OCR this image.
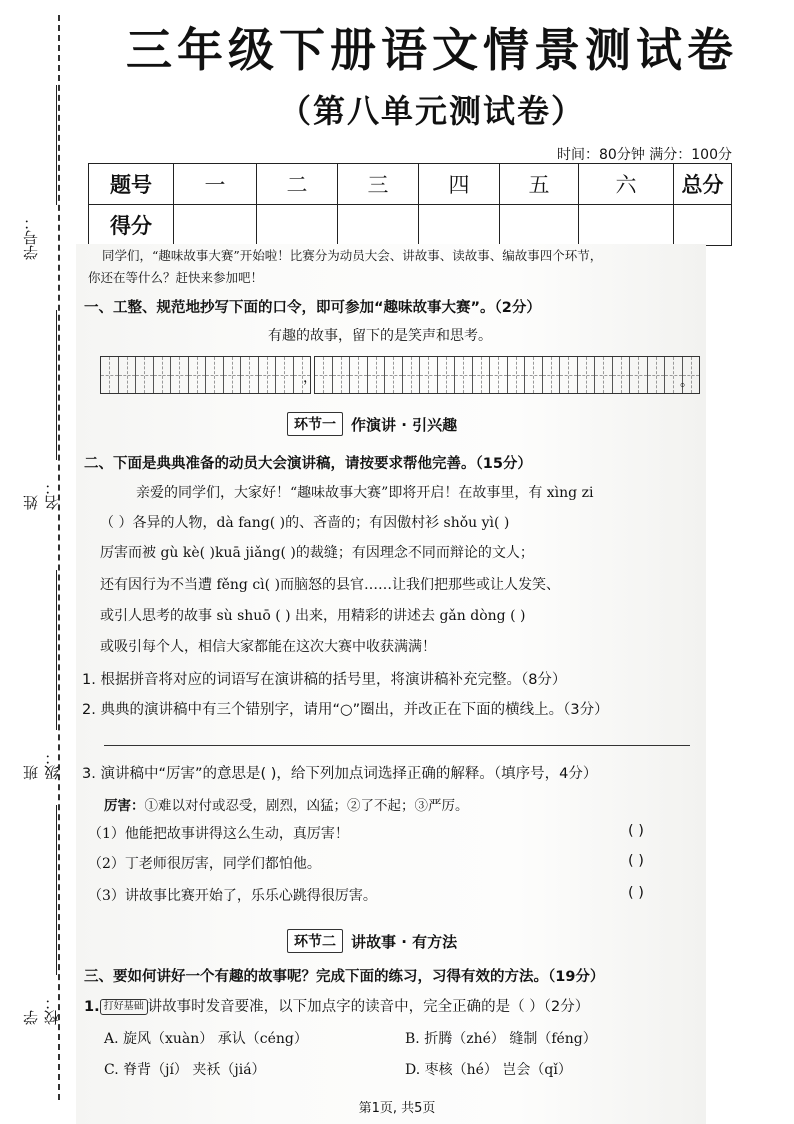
学号：
姓名：
班级：
学校：
三年级下册语文情景测试卷
（第八单元测试卷）
时间：80分钟 满分：100分
题号	一	二	三	四	五	六	总分
得分							
同学们，“趣味故事大赛”开始啦！比赛分为动员大会、讲故事、读故事、编故事四个环节，
你还在等什么？赶快来参加吧！
一、工整、规范地抄写下面的口令，即可参加“趣味故事大赛”。（2分）
有趣的故事，留下的是笑声和思考。
，	。
环节一	作演讲 · 引兴趣
二、下面是典典准备的动员大会演讲稿，请按要求帮他完善。（15分）
亲爱的同学们，大家好！“趣味故事大赛”即将开启！在故事里，有 xìng zi
（ ）各异的人物，dà fang( )的、吝啬的；有因傲村衫 shǒu yì( )
厉害而被 gù kè( )kuā jiǎng( )的裁缝；有因理念不同而辩论的文人；
还有因行为不当遭 fěng cì( )而脑怒的县官……让我们把那些或让人发笑、
或引人思考的故事 sù shuō ( ) 出来，用精彩的讲述去 gǎn dòng ( )
或吸引每个人，相信大家都能在这次大赛中收获满满！
1. 根据拼音将对应的词语写在演讲稿的括号里，将演讲稿补充完整。（8分）
2. 典典的演讲稿中有三个错别字，请用“○”圈出，并改正在下面的横线上。（3分）
3. 演讲稿中“厉害”的意思是( )，给下列加点词选择正确的解释。（填序号，4分）
厉害：①难以对付或忍受，剧烈，凶猛；②了不起；③严厉。
（1）他能把故事讲得这么生动，真厉害！	( )
（2）丁老师很厉害，同学们都怕他。	( )
（3）讲故事比赛开始了，乐乐心跳得很厉害。	( )
环节二	讲故事 · 有方法
三、要如何讲好一个有趣的故事呢？完成下面的练习，习得有效的方法。（19分）
1. 打好基础 讲故事时发音要准，以下加点字的读音中，完全正确的是（ ）（2分）
A. 旋风（xuàn） 承认（céng）	B. 折腾（zhé） 缝制（féng）
C. 脊背（jí） 夹袄（jiá）	D. 枣核（hé） 岂会（qǐ）
第1页, 共5页
